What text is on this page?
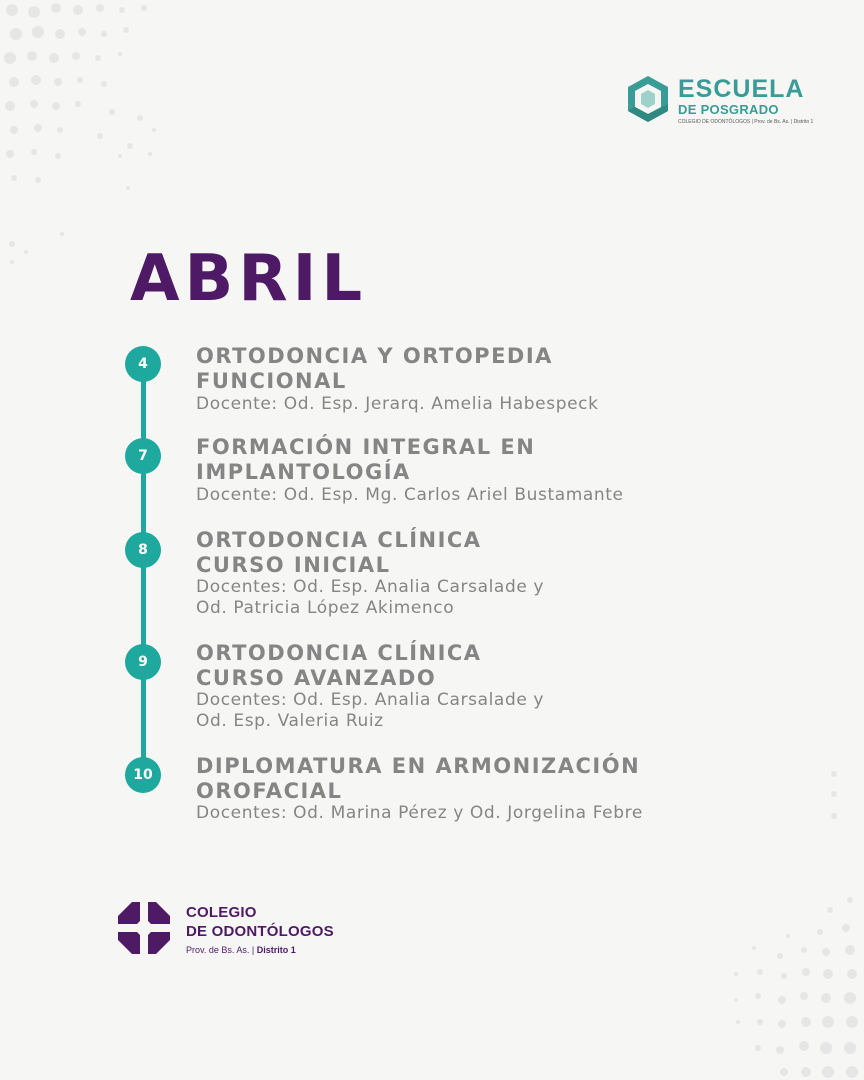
ESCUELA
DE POSGRADO
COLEGIO DE ODONTÓLOGOS | Prov. de Bs. As. | Distrito 1
ABRIL
4	ORTODONCIA Y ORTOPEDIA
FUNCIONAL
Docente: Od. Esp. Jerarq. Amelia Habespeck
7	FORMACIÓN INTEGRAL EN
IMPLANTOLOGÍA
Docente: Od. Esp. Mg. Carlos Ariel Bustamante
8	ORTODONCIA CLÍNICA
CURSO INICIAL
Docentes: Od. Esp. Analia Carsalade y
Od. Patricia López Akimenco
9	ORTODONCIA CLÍNICA
CURSO AVANZADO
Docentes: Od. Esp. Analia Carsalade y
Od. Esp. Valeria Ruiz
10	DIPLOMATURA EN ARMONIZACIÓN
OROFACIAL
Docentes: Od. Marina Pérez y Od. Jorgelina Febre
COLEGIO
DE ODONTÓLOGOS
Prov. de Bs. As. | Distrito 1
